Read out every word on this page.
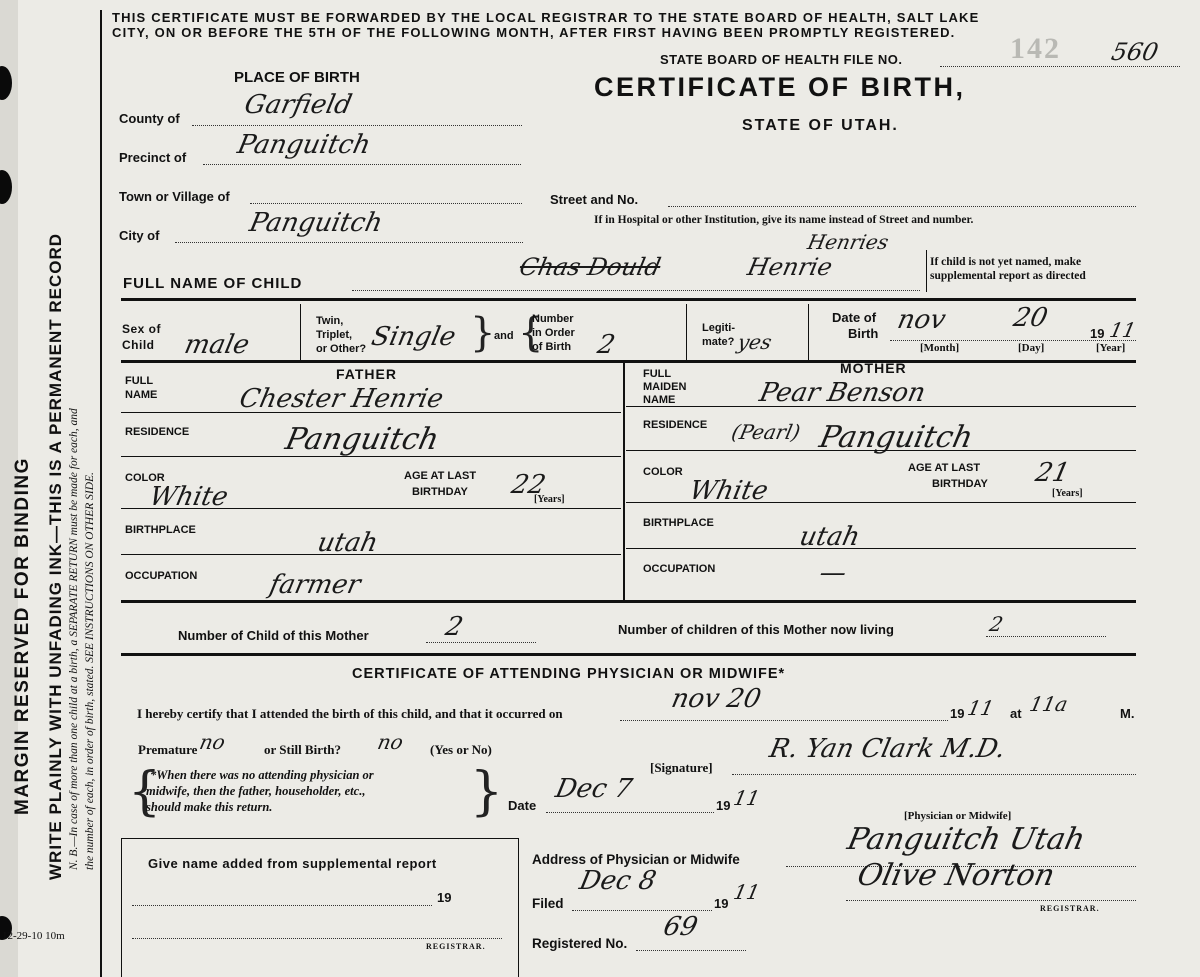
MARGIN RESERVED FOR BINDING WRITE PLAINLY WITH UNFADING INK—THIS IS A PERMANENT RECORD N. B.—In case of more than one child at a birth, a SEPARATE RETURN must be made for each, and the number of each, in order of birth, stated. SEE INSTRUCTIONS ON OTHER SIDE.
12-29-10 10m
THIS CERTIFICATE MUST BE FORWARDED BY THE LOCAL REGISTRAR TO THE STATE BOARD OF HEALTH, SALT LAKE
CITY, ON OR BEFORE THE 5TH OF THE FOLLOWING MONTH, AFTER FIRST HAVING BEEN PROMPTLY REGISTERED.
STATE BOARD OF HEALTH FILE NO.	142 560
CERTIFICATE OF BIRTH,
STATE OF UTAH.
PLACE OF BIRTH
County of Garfield
Precinct of Panguitch
Town or Village of
City of	Panguitch
Street and No.
If in Hospital or other Institution, give its name instead of Street and number.
FULL NAME OF CHILD
Chas Dould	Henrie
Henries
If child is not yet named, make
supplemental report as directed
Sex of
Child male
Twin,
Triplet,
or Other? Single }
and {
Number
in Order
of Birth 2
Legiti-
mate? yes
Date of
Birth nov 20
19 11
[Month]	[Day]	[Year]
FATHER
FULL
NAME	Chester Henrie
RESIDENCE	Panguitch
COLOR
White
AGE AT LAST
BIRTHDAY 22
[Years]
BIRTHPLACE	utah
OCCUPATION	farmer
MOTHER
FULL
MAIDEN
NAME	Pear Benson
RESIDENCE (Pearl) Panguitch
COLOR
White
AGE AT LAST
BIRTHDAY 21
[Years]
BIRTHPLACE	utah
OCCUPATION	—
Number of Child of this Mother	2	Number of children of this Mother now living	2
CERTIFICATE OF ATTENDING PHYSICIAN OR MIDWIFE*
I hereby certify that I attended the birth of this child, and that it occurred on	nov 20	19 11 at 11a	M.
Premature no	or Still Birth? no (Yes or No)
{
*When there was no attending physician or
midwife, then the father, householder, etc.,
should make this return.	}	[Signature]
R. Yan Clark M.D.
Date
Dec 7
19 11
[Physician or Midwife]
Address of Physician or Midwife
Panguitch Utah
Give name added from supplemental report
19
REGISTRAR.
Filed
Dec 8
19 11	Olive Norton
REGISTRAR.
Registered No.
69
